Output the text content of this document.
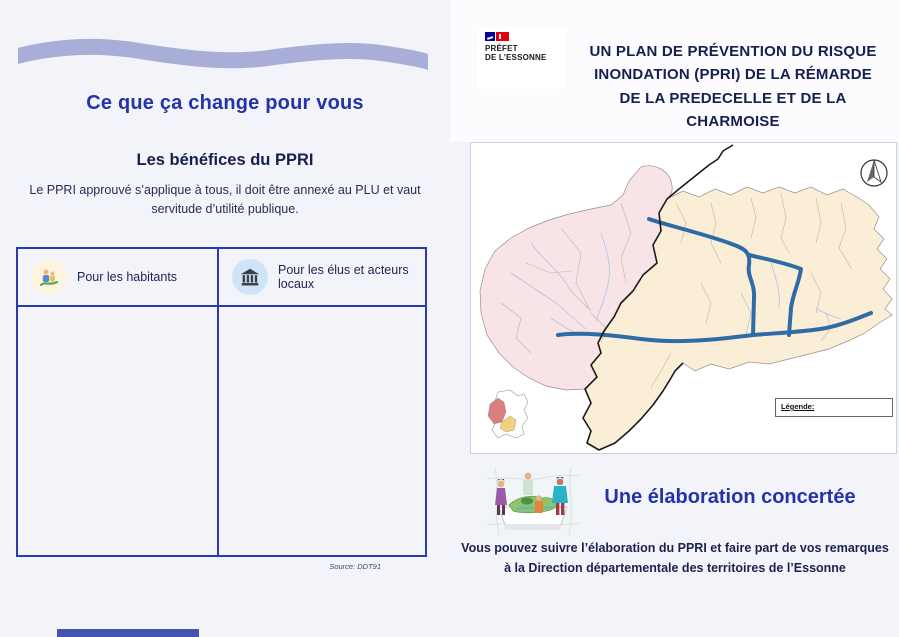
Ce que ça change pour vous
Les bénéfices du PPRI
Le PPRI approuvé s’applique à tous, il doit être annexé au PLU et vaut servitude d’utilité publique.
Pour les habitants	Pour les élus et acteurs locaux
Source: DDT91
PRÉFET
DE L’ESSONNE	UN PLAN DE PRÉVENTION DU RISQUE
INONDATION (PPRI) DE LA RÉMARDE
DE LA PREDECELLE ET DE LA CHARMOISE
Légende:
Une élaboration concertée
Vous pouvez suivre l’élaboration du PPRI et faire part de vos remarques à la Direction départementale des territoires de l’Essonne
